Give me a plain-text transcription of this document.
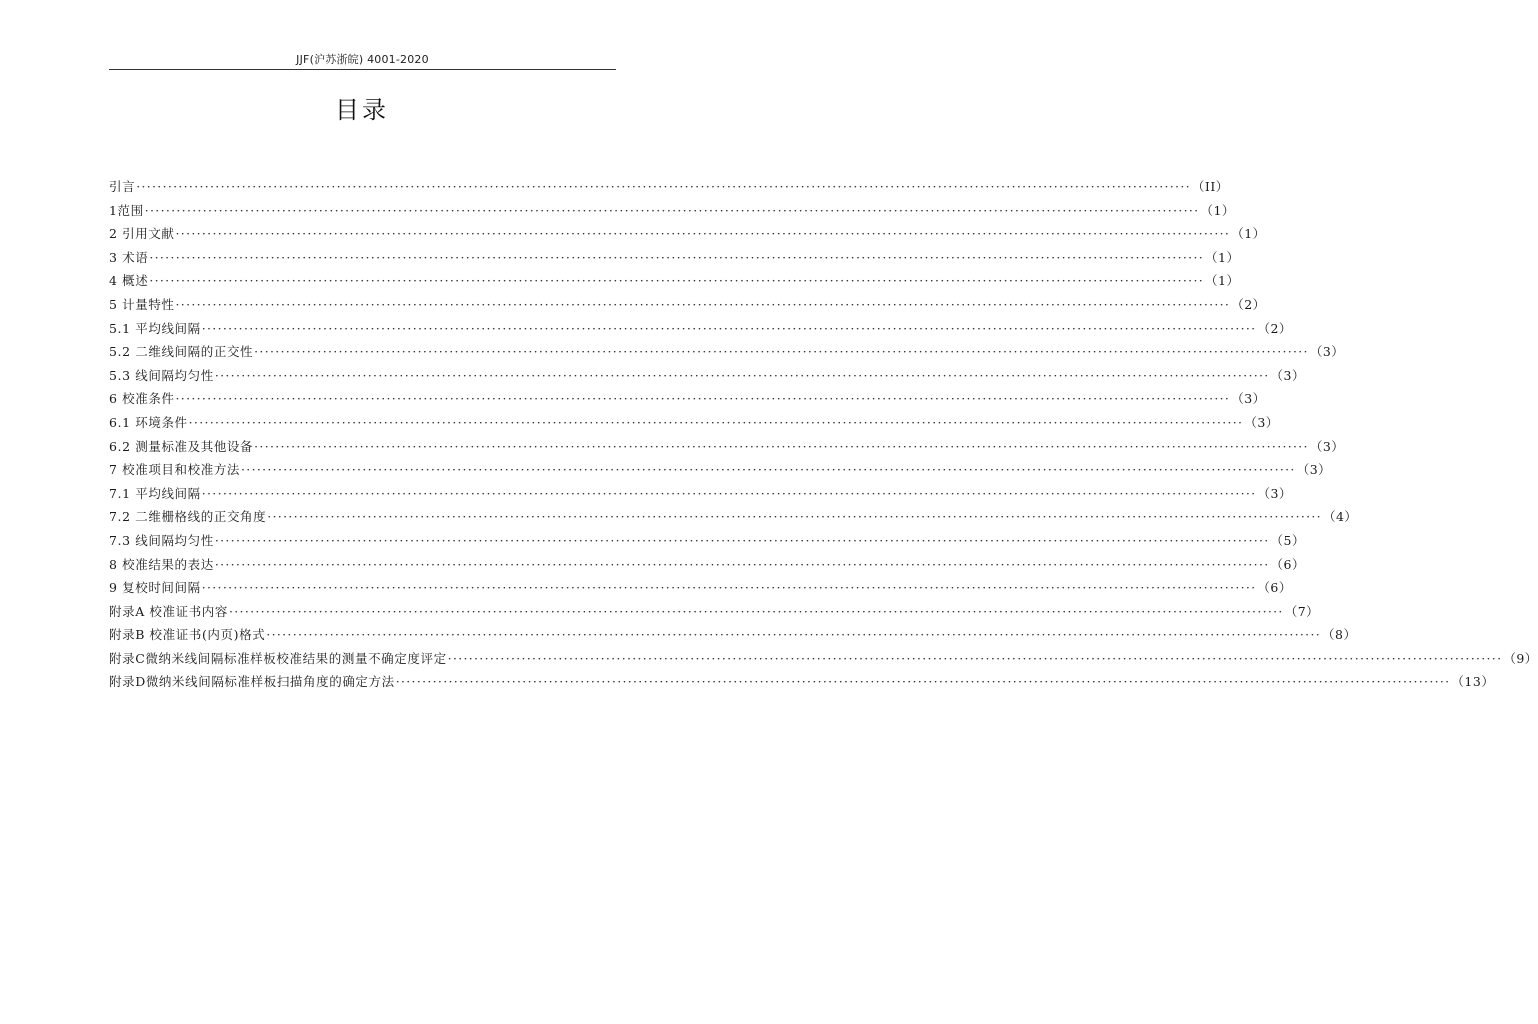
JJF(沪苏浙皖) 4001-2020
目录
引言 ········································································································································································································ （II）
1范围 ········································································································································································································ （1）
2 引用文献 ········································································································································································································ （1）
3 术语 ········································································································································································································ （1）
4 概述 ········································································································································································································ （1）
5 计量特性 ········································································································································································································ （2）
5.1 平均线间隔 ········································································································································································································ （2）
5.2 二维线间隔的正交性 ········································································································································································································ （3）
5.3 线间隔均匀性 ········································································································································································································ （3）
6 校准条件 ········································································································································································································ （3）
6.1 环境条件 ········································································································································································································ （3）
6.2 测量标准及其他设备 ········································································································································································································ （3）
7 校准项目和校准方法 ········································································································································································································ （3）
7.1 平均线间隔 ········································································································································································································ （3）
7.2 二维栅格线的正交角度 ········································································································································································································ （4）
7.3 线间隔均匀性 ········································································································································································································ （5）
8 校准结果的表达 ········································································································································································································ （6）
9 复校时间间隔 ········································································································································································································ （6）
附录A 校准证书内容 ········································································································································································································ （7）
附录B 校准证书(内页)格式 ········································································································································································································ （8）
附录C微纳米线间隔标准样板校准结果的测量不确定度评定 ········································································································································································································ （9）
附录D微纳米线间隔标准样板扫描角度的确定方法 ········································································································································································································ （13）
